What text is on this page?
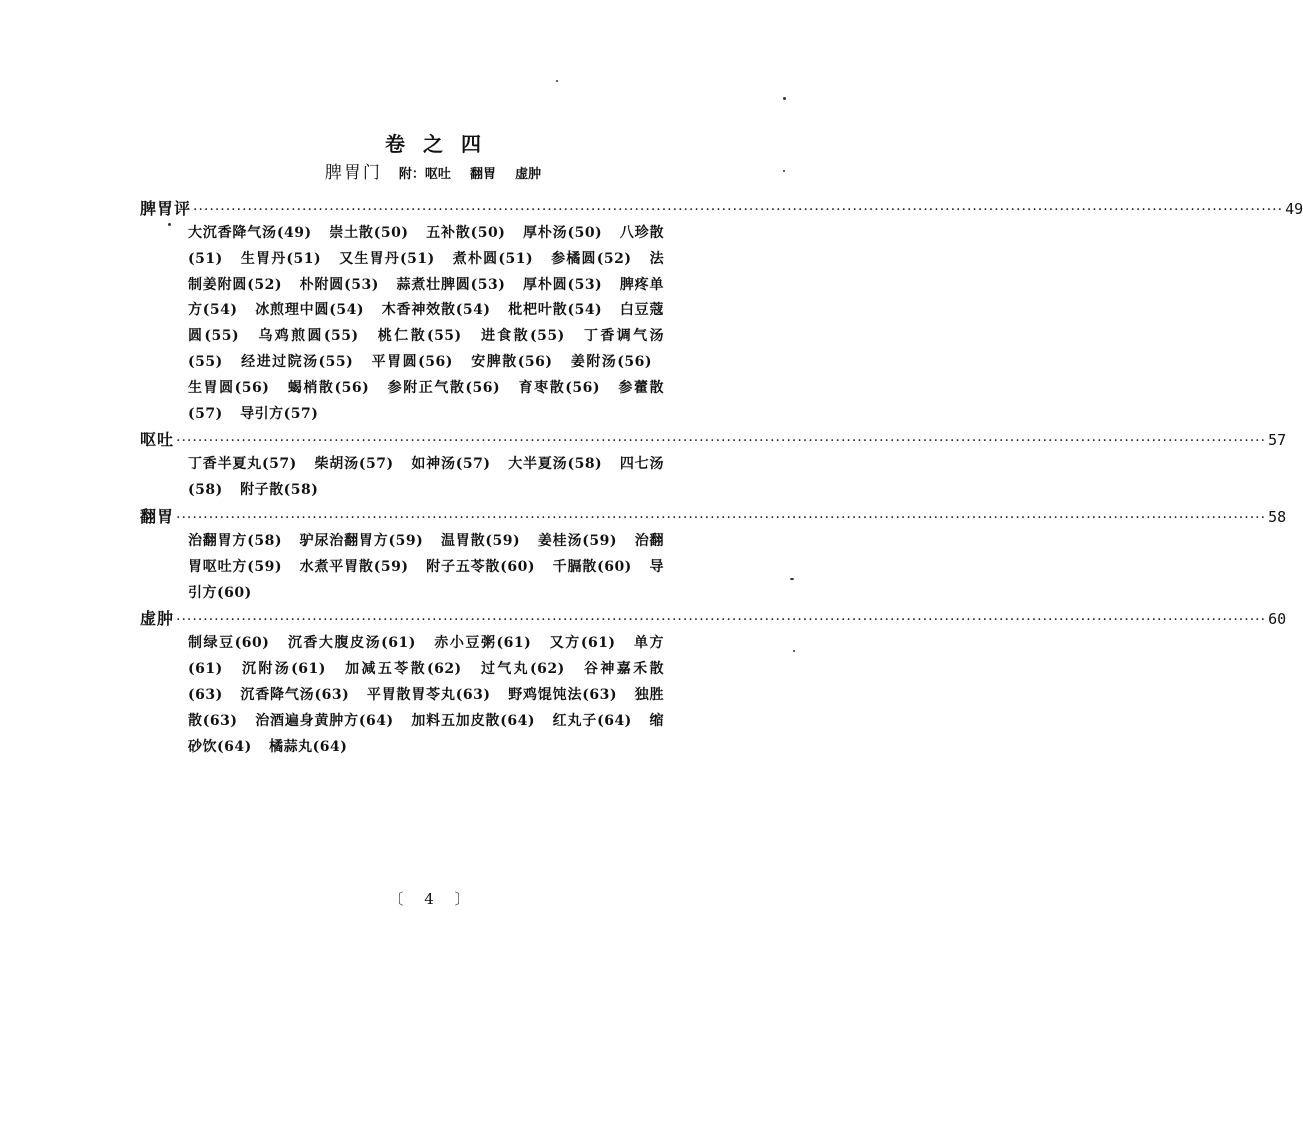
卷之四
脾胃门 附：呕吐 翻胃 虚肿
脾胃评 ········································································································································································································ 49
大沉香降气汤(49) 崇土散(50) 五补散(50) 厚朴汤(50) 八珍散(51) 生胃丹(51) 又生胃丹(51) 煮朴圆(51) 参橘圆(52) 法制姜附圆(52) 朴附圆(53) 蒜煮壮脾圆(53) 厚朴圆(53) 脾疼单方(54) 冰煎理中圆(54) 木香神效散(54) 枇杷叶散(54) 白豆蔻圆(55) 乌鸡煎圆(55) 桃仁散(55) 进食散(55) 丁香调气汤(55) 经进过院汤(55) 平胃圆(56) 安脾散(56) 姜附汤(56) 生胃圆(56) 蝎梢散(56) 参附正气散(56) 育枣散(56) 参藿散(57) 导引方(57)
呕吐 ········································································································································································································ 57
丁香半夏丸(57) 柴胡汤(57) 如神汤(57) 大半夏汤(58) 四七汤(58) 附子散(58)
翻胃 ········································································································································································································ 58
治翻胃方(58) 驴尿治翻胃方(59) 温胃散(59) 姜桂汤(59) 治翻胃呕吐方(59) 水煮平胃散(59) 附子五苓散(60) 千膈散(60) 导引方(60)
虚肿 ········································································································································································································ 60
制绿豆(60) 沉香大腹皮汤(61) 赤小豆粥(61) 又方(61) 单方(61) 沉附汤(61) 加减五苓散(62) 过气丸(62) 谷神嘉禾散(63) 沉香降气汤(63) 平胃散胃苓丸(63) 野鸡馄饨法(63) 独胜散(63) 治酒遍身黄肿方(64) 加料五加皮散(64) 红丸子(64) 缩砂饮(64) 橘蒜丸(64)
〔 4 〕
